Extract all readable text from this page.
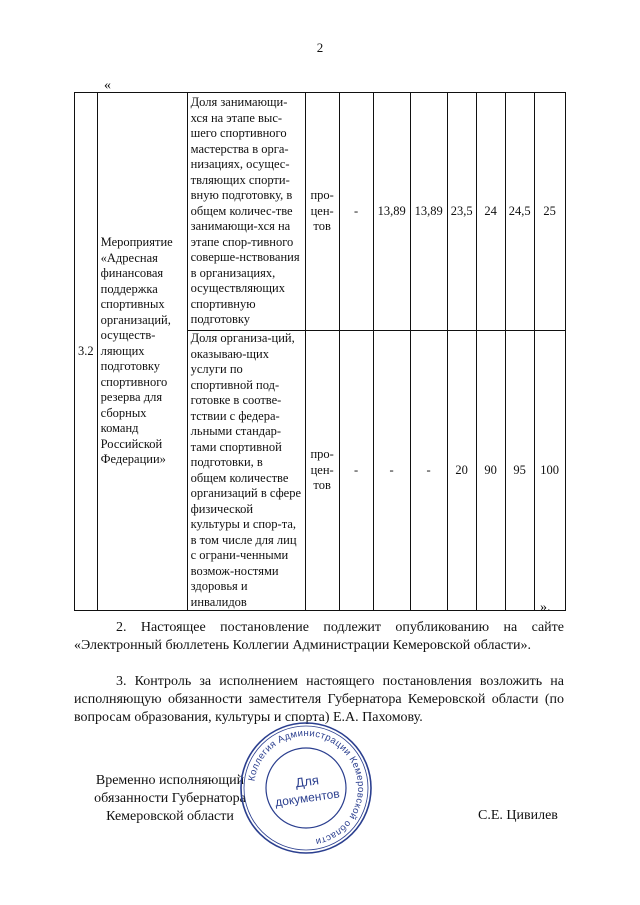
2
«
3.2	Мероприятие «Адресная финансовая поддержка спортивных организаций, осуществ-ляющих подготовку спортивного резерва для сборных команд Российской Федерации»	Доля занимающи-хся на этапе выс-шего спортивного мастерства в орга-низациях, осущес-твляющих спорти-вную подготовку, в общем количес-тве занимающи-хся на этапе спор-тивного соверше-нствования в организациях, осуществляющих спортивную подготовку	про-цен-тов	-	13,89	13,89	23,5	24	24,5	25
		Доля организа-ций, оказываю-щих услуги по спортивной под-готовке в соотве-тствии с федера-льными стандар-тами спортивной подготовки, в общем количестве организаций в сфере физической культуры и спор-та, в том числе для лиц с ограни-ченными возмож-ностями здоровья и инвалидов	про-цен-тов	-	-	-	20	90	95	100
».
2. Настоящее постановление подлежит опубликованию на сайте «Электронный бюллетень Коллегии Администрации Кемеровской области».
3. Контроль за исполнением настоящего постановления возложить на исполняющую обязанности заместителя Губернатора Кемеровской области (по вопросам образования, культуры и спорта) Е.А. Пахомову.
Временно исполняющий
обязанности Губернатора
Кемеровской области
Коллегия Администрации Кемеровской области
Для
документов
С.Е. Цивилев
